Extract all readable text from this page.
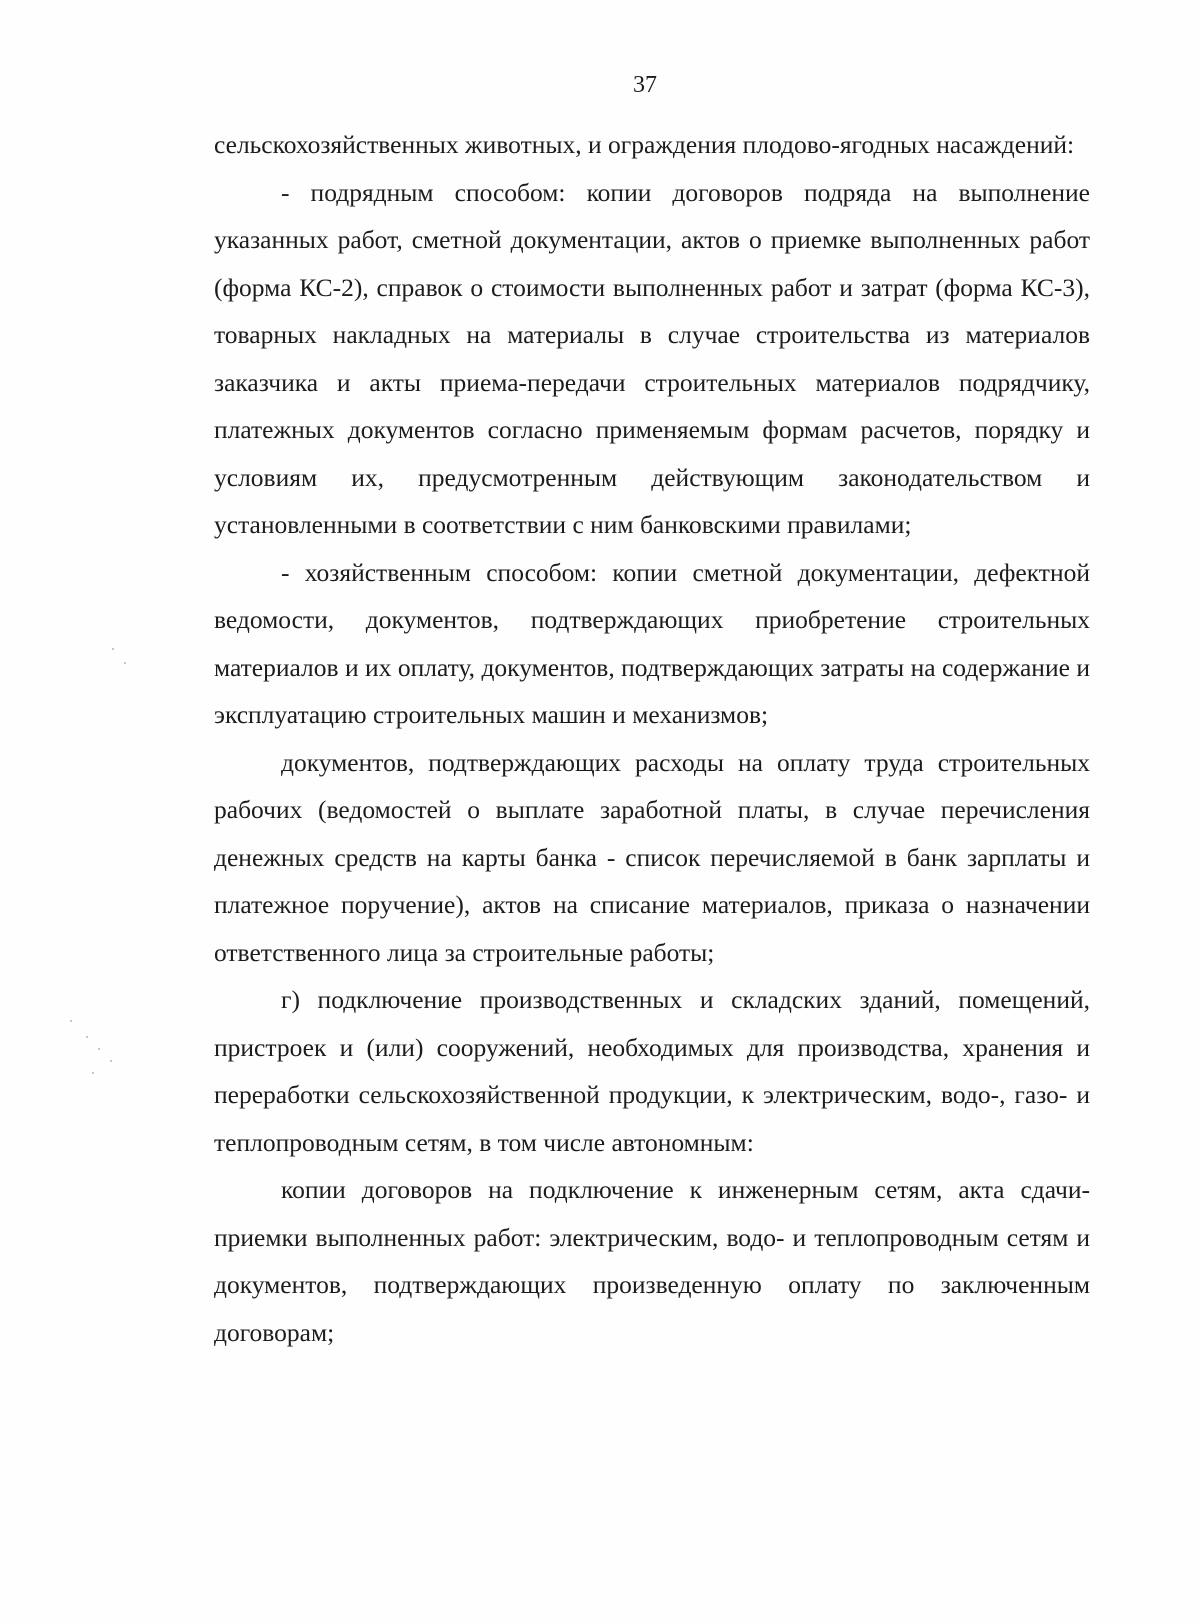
37

сельскохозяйственных животных, и ограждения плодово-ягодных насаждений:

- подрядным способом: копии договоров подряда на выполнение указанных работ, сметной документации, актов о приемке выполненных работ (форма КС-2), справок о стоимости выполненных работ и затрат (форма КС-3), товарных накладных на материалы в случае строительства из материалов заказчика и акты приема-передачи строительных материалов подрядчику, платежных документов согласно применяемым формам расчетов, порядку и условиям их, предусмотренным действующим законодательством и установленными в соответствии с ним банковскими правилами;

- хозяйственным способом: копии сметной документации, дефектной ведомости, документов, подтверждающих приобретение строительных материалов и их оплату, документов, подтверждающих затраты на содержание и эксплуатацию строительных машин и механизмов;

документов, подтверждающих расходы на оплату труда строительных рабочих (ведомостей о выплате заработной платы, в случае перечисления денежных средств на карты банка - список перечисляемой в банк зарплаты и платежное поручение), актов на списание материалов, приказа о назначении ответственного лица за строительные работы;

г) подключение производственных и складских зданий, помещений, пристроек и (или) сооружений, необходимых для производства, хранения и переработки сельскохозяйственной продукции, к электрическим, водо-, газо- и теплопроводным сетям, в том числе автономным:

копии договоров на подключение к инженерным сетям, акта сдачи-приемки выполненных работ: электрическим, водо- и теплопроводным сетям и документов, подтверждающих произведенную оплату по заключенным договорам;
